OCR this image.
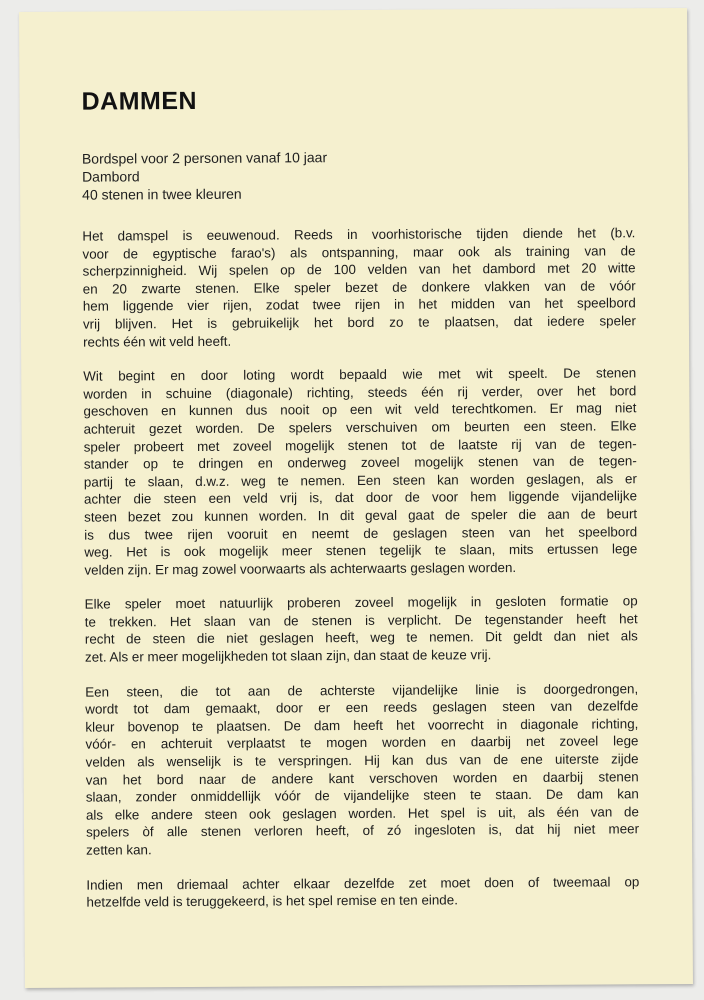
DAMMEN
Bordspel voor 2 personen vanaf 10 jaar
Dambord
40 stenen in twee kleuren
Het damspel is eeuwenoud. Reeds in voorhistorische tijden diende het (b.v.
voor de egyptische farao's) als ontspanning, maar ook als training van de
scherpzinnigheid. Wij spelen op de 100 velden van het dambord met 20 witte
en 20 zwarte stenen. Elke speler bezet de donkere vlakken van de vóór
hem liggende vier rijen, zodat twee rijen in het midden van het speelbord
vrij blijven. Het is gebruikelijk het bord zo te plaatsen, dat iedere speler
rechts één wit veld heeft.
Wit begint en door loting wordt bepaald wie met wit speelt. De stenen
worden in schuine (diagonale) richting, steeds één rij verder, over het bord
geschoven en kunnen dus nooit op een wit veld terechtkomen. Er mag niet
achteruit gezet worden. De spelers verschuiven om beurten een steen. Elke
speler probeert met zoveel mogelijk stenen tot de laatste rij van de tegen-
stander op te dringen en onderweg zoveel mogelijk stenen van de tegen-
partij te slaan, d.w.z. weg te nemen. Een steen kan worden geslagen, als er
achter die steen een veld vrij is, dat door de voor hem liggende vijandelijke
steen bezet zou kunnen worden. In dit geval gaat de speler die aan de beurt
is dus twee rijen vooruit en neemt de geslagen steen van het speelbord
weg. Het is ook mogelijk meer stenen tegelijk te slaan, mits ertussen lege
velden zijn. Er mag zowel voorwaarts als achterwaarts geslagen worden.
Elke speler moet natuurlijk proberen zoveel mogelijk in gesloten formatie op
te trekken. Het slaan van de stenen is verplicht. De tegenstander heeft het
recht de steen die niet geslagen heeft, weg te nemen. Dit geldt dan niet als
zet. Als er meer mogelijkheden tot slaan zijn, dan staat de keuze vrij.
Een steen, die tot aan de achterste vijandelijke linie is doorgedrongen,
wordt tot dam gemaakt, door er een reeds geslagen steen van dezelfde
kleur bovenop te plaatsen. De dam heeft het voorrecht in diagonale richting,
vóór- en achteruit verplaatst te mogen worden en daarbij net zoveel lege
velden als wenselijk is te verspringen. Hij kan dus van de ene uiterste zijde
van het bord naar de andere kant verschoven worden en daarbij stenen
slaan, zonder onmiddellijk vóór de vijandelijke steen te staan. De dam kan
als elke andere steen ook geslagen worden. Het spel is uit, als één van de
spelers òf alle stenen verloren heeft, of zó ingesloten is, dat hij niet meer
zetten kan.
Indien men driemaal achter elkaar dezelfde zet moet doen of tweemaal op
hetzelfde veld is teruggekeerd, is het spel remise en ten einde.
